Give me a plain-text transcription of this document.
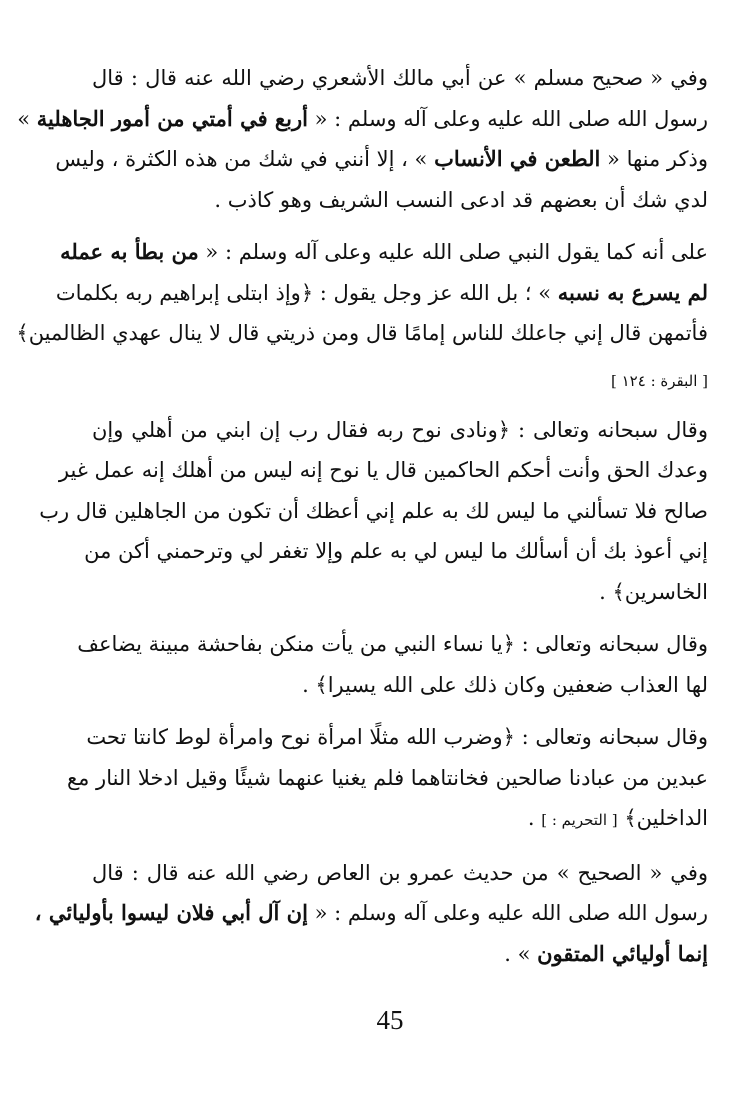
وفي « صحيح مسلم » عن أبي مالك الأشعري رضي الله عنه قال : قال
رسول الله صلى الله عليه وعلى آله وسلم : « أربع في أمتي من أمور الجاهلية »
وذكر منها « الطعن في الأنساب » ، إلا أنني في شك من هذه الكثرة ، وليس
لدي شك أن بعضهم قد ادعى النسب الشريف وهو كاذب .
على أنه كما يقول النبي صلى الله عليه وعلى آله وسلم : « من بطأ به عمله
لم يسرع به نسبه » ؛ بل الله عز وجل يقول : ﴿وإذ ابتلى إبراهيم ربه بكلمات
فأتمهن قال إني جاعلك للناس إمامًا قال ومن ذريتي قال لا ينال عهدي الظالمين﴾
[ البقرة : ١٢٤ ]
وقال سبحانه وتعالى : ﴿ونادى نوح ربه فقال رب إن ابني من أهلي وإن
وعدك الحق وأنت أحكم الحاكمين قال يا نوح إنه ليس من أهلك إنه عمل غير
صالح فلا تسألني ما ليس لك به علم إني أعظك أن تكون من الجاهلين قال رب
إني أعوذ بك أن أسألك ما ليس لي به علم وإلا تغفر لي وترحمني أكن من
الخاسرين﴾ .
وقال سبحانه وتعالى : ﴿يا نساء النبي من يأت منكن بفاحشة مبينة يضاعف
لها العذاب ضعفين وكان ذلك على الله يسيرا﴾ .
وقال سبحانه وتعالى : ﴿وضرب الله مثلًا امرأة نوح وامرأة لوط كانتا تحت
عبدين من عبادنا صالحين فخانتاهما فلم يغنيا عنهما شيئًا وقيل ادخلا النار مع
الداخلين﴾ [ التحريم : ] .
وفي « الصحيح » من حديث عمرو بن العاص رضي الله عنه قال : قال
رسول الله صلى الله عليه وعلى آله وسلم : « إن آل أبي فلان ليسوا بأوليائي ،
إنما أوليائي المتقون » .
45
